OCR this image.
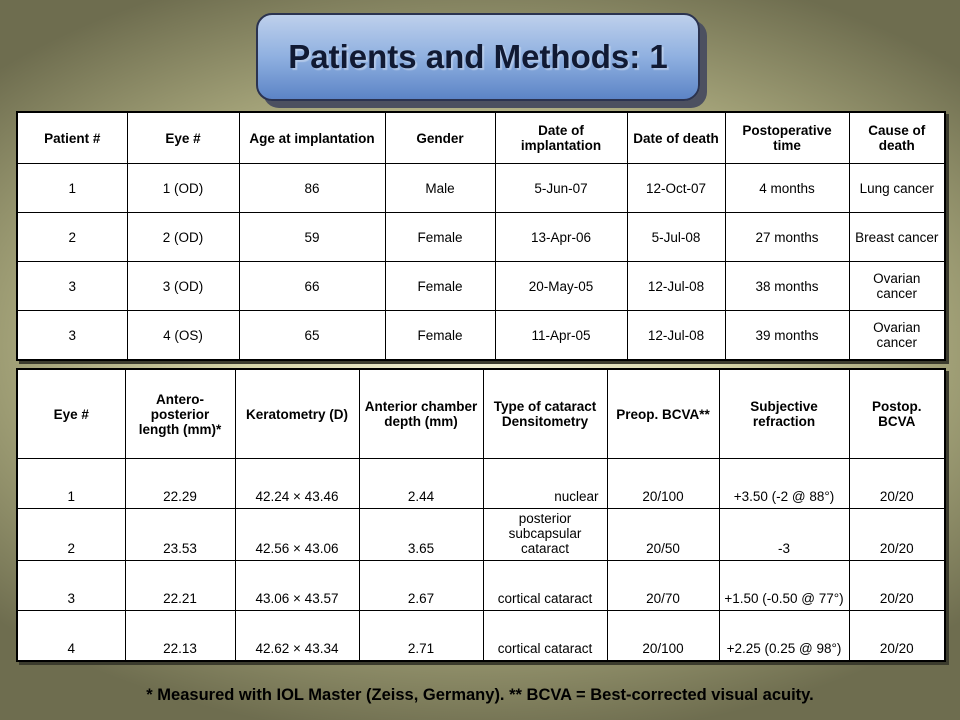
Patients and Methods: 1
Patient #	Eye #	Age at implantation	Gender	Date of implantation	Date of death	Postoperative time	Cause of death
1	1 (OD)	86	Male	5-Jun-07	12-Oct-07	4 months	Lung cancer
2	2 (OD)	59	Female	13-Apr-06	5-Jul-08	27 months	Breast cancer
3	3 (OD)	66	Female	20-May-05	12-Jul-08	38 months	Ovarian cancer
3	4 (OS)	65	Female	11-Apr-05	12-Jul-08	39 months	Ovarian cancer
Eye #	Antero-posterior length (mm)*	Keratometry (D)	Anterior chamber depth (mm)	Type of cataract Densitometry	Preop. BCVA**	Subjective refraction	Postop. BCVA
1	22.29	42.24 × 43.46	2.44	nuclear	20/100	+3.50 (-2 @ 88°)	20/20
2	23.53	42.56 × 43.06	3.65	posterior subcapsular cataract	20/50	-3	20/20
3	22.21	43.06 × 43.57	2.67	cortical cataract	20/70	+1.50 (-0.50 @ 77°)	20/20
4	22.13	42.62 × 43.34	2.71	cortical cataract	20/100	+2.25 (0.25 @ 98°)	20/20
* Measured with IOL Master (Zeiss, Germany). ** BCVA = Best-corrected visual acuity.
